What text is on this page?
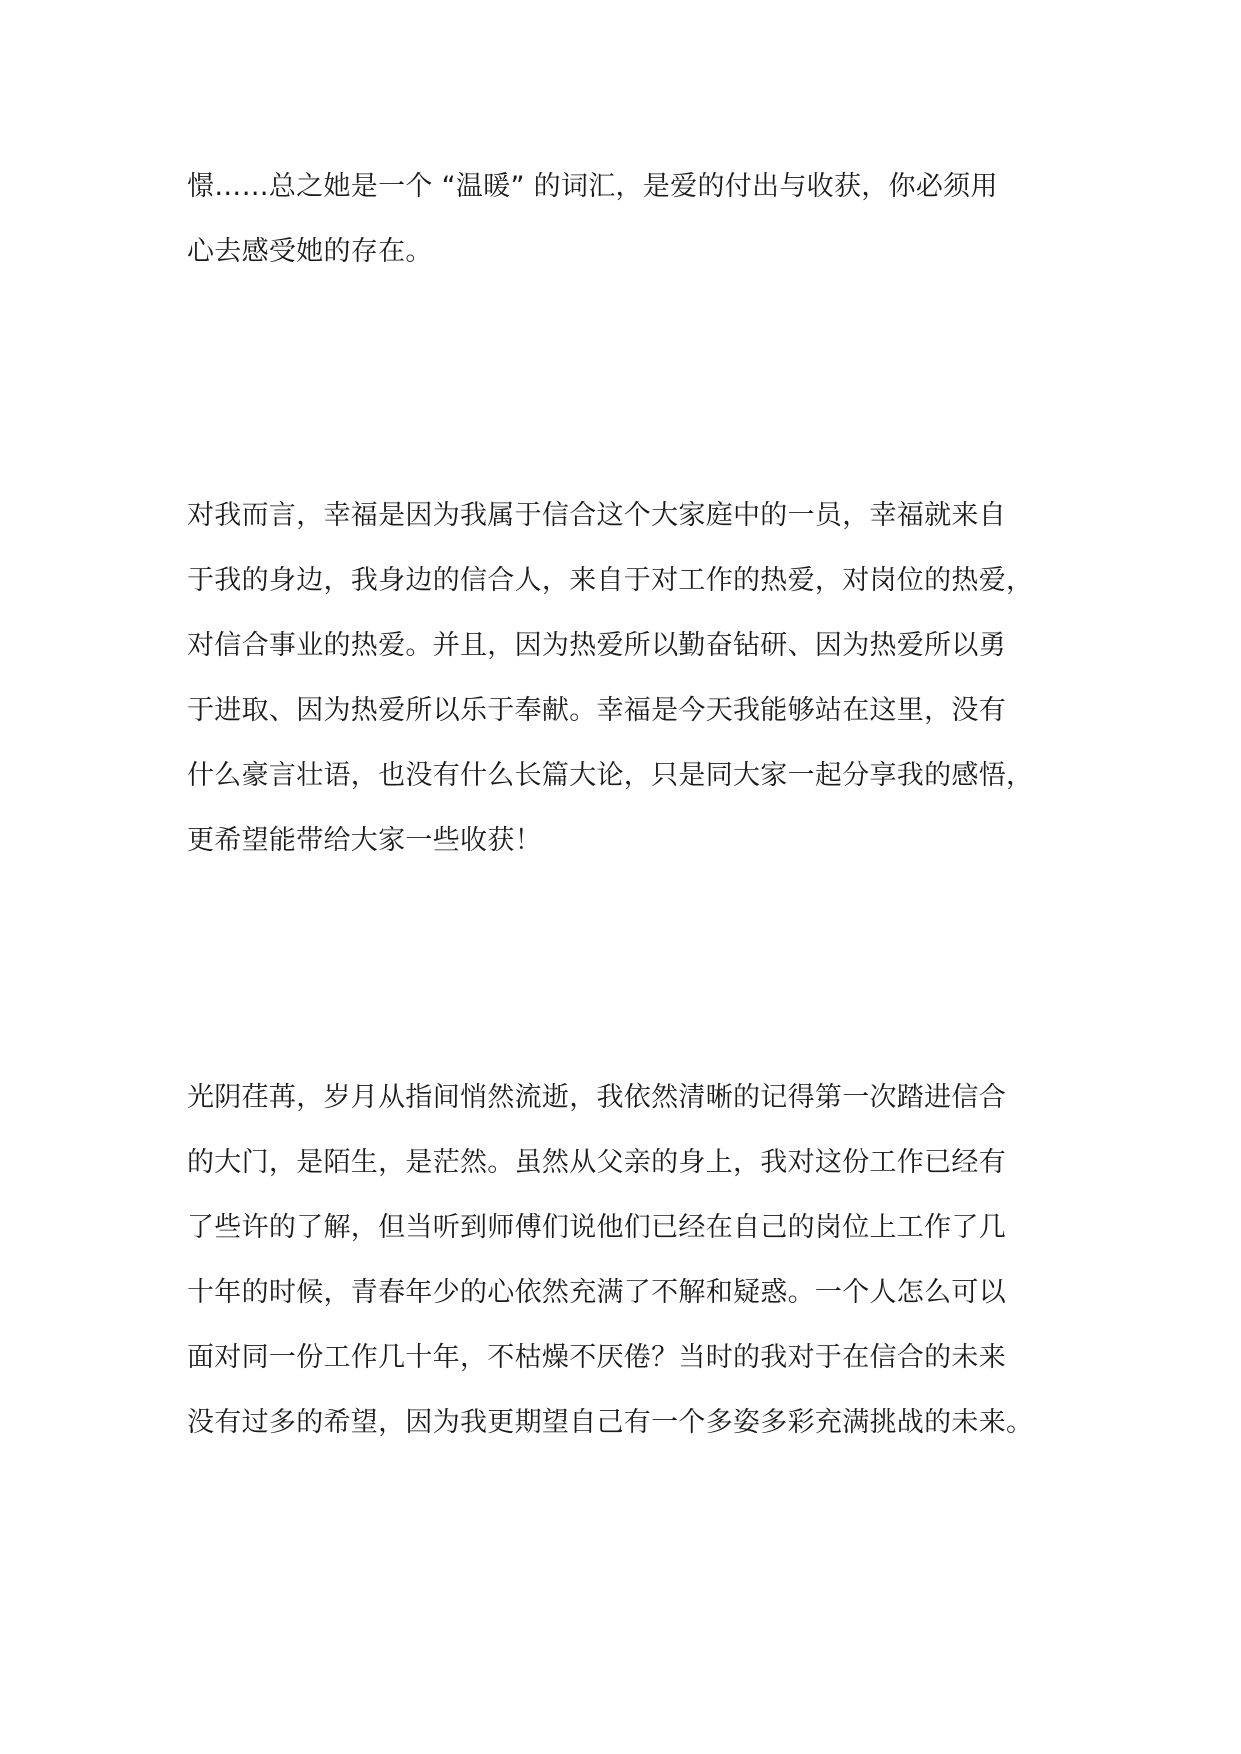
憬……总之她是一个 “温暖” 的词汇，是爱的付出与收获，你必须用
心去感受她的存在。
对我而言，幸福是因为我属于信合这个大家庭中的一员，幸福就来自
于我的身边，我身边的信合人，来自于对工作的热爱，对岗位的热爱，
对信合事业的热爱。并且，因为热爱所以勤奋钻研、因为热爱所以勇
于进取、因为热爱所以乐于奉献。幸福是今天我能够站在这里，没有
什么豪言壮语，也没有什么长篇大论，只是同大家一起分享我的感悟，
更希望能带给大家一些收获！
光阴荏苒，岁月从指间悄然流逝，我依然清晰的记得第一次踏进信合
的大门，是陌生，是茫然。虽然从父亲的身上，我对这份工作已经有
了些许的了解，但当听到师傅们说他们已经在自己的岗位上工作了几
十年的时候，青春年少的心依然充满了不解和疑惑。一个人怎么可以
面对同一份工作几十年，不枯燥不厌倦？当时的我对于在信合的未来
没有过多的希望，因为我更期望自己有一个多姿多彩充满挑战的未来。
